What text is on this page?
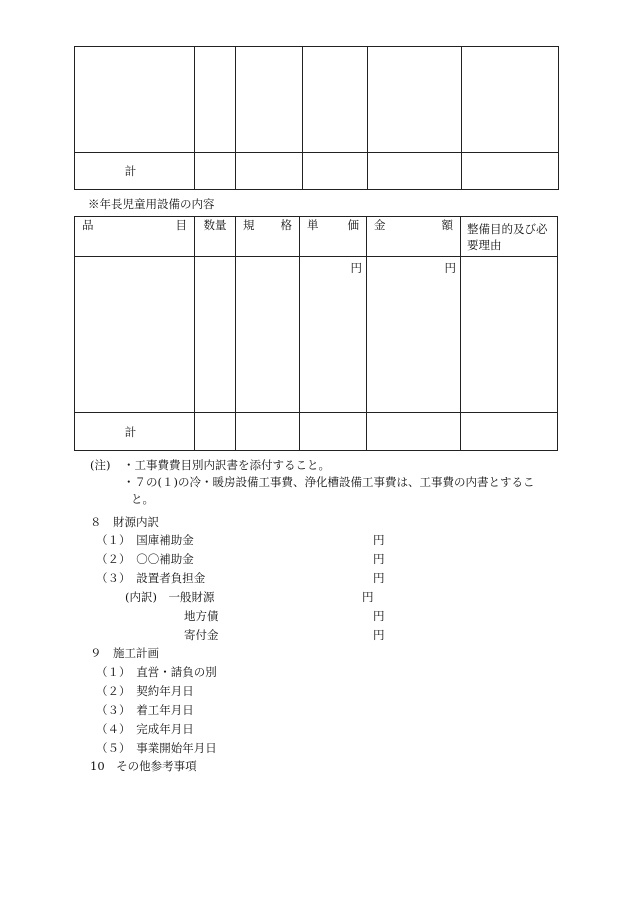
計					
※年長児童用設備の内容
品 目	数量	規 格	単 価	金 額	整備目的及び必要理由
			円	円	
計					
(注) ・工事費費目別内訳書を添付すること。
・７の(１)の冷・暖房設備工事費、浄化槽設備工事費は、工事費の内書とするこ
と。
８　財源内訳
（１）　国庫補助金	円
（２）　〇〇補助金	円
（３）　設置者負担金	円
(内訳)　一般財源	円
地方債	円
寄付金	円
９　施工計画
（１）　直営・請負の別
（２）　契約年月日
（３）　着工年月日
（４）　完成年月日
（５）　事業開始年月日
10　その他参考事項
